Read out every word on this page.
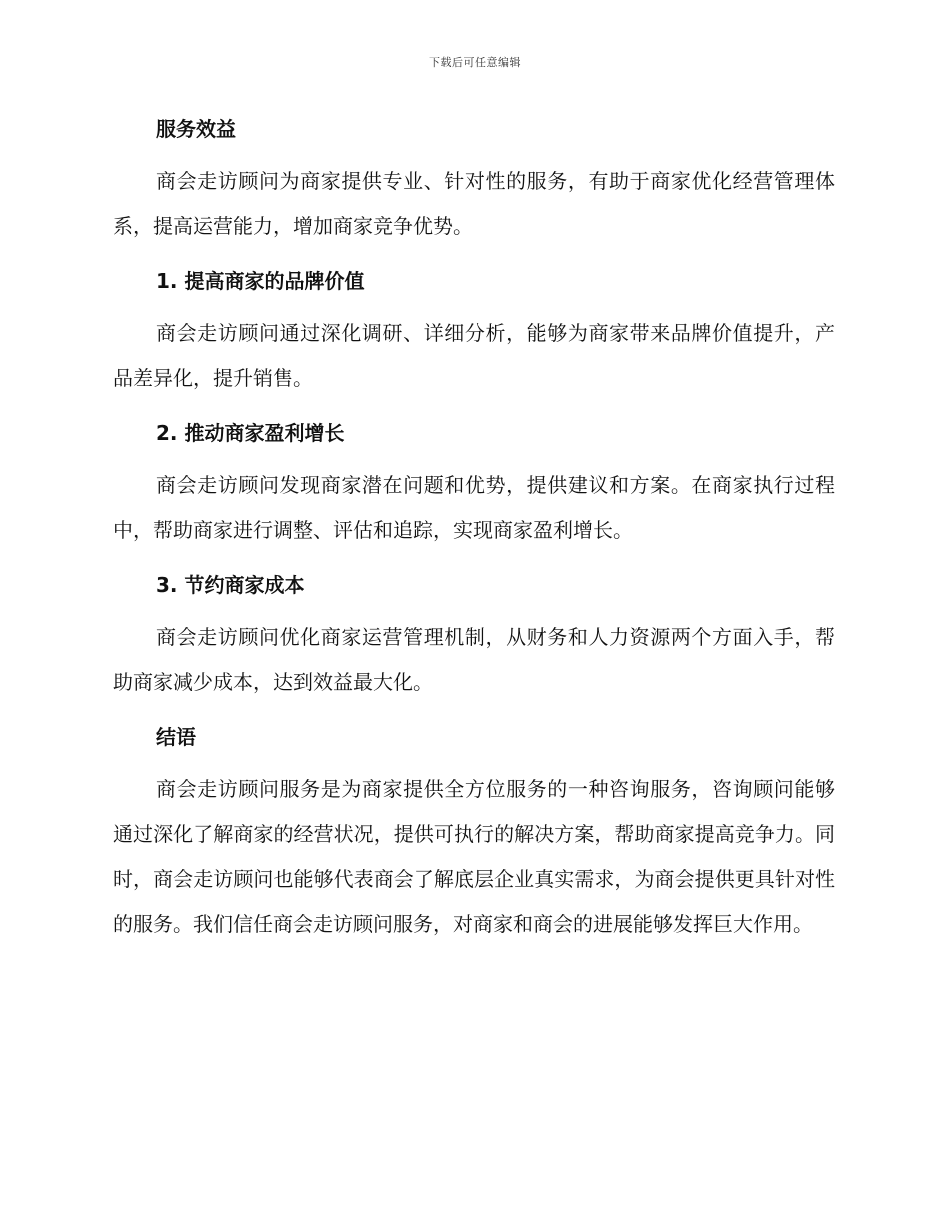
下载后可任意编辑
服务效益

商会走访顾问为商家提供专业、针对性的服务，有助于商家优化经营管理体系，提高运营能力，增加商家竞争优势。

1. 提高商家的品牌价值

商会走访顾问通过深化调研、详细分析，能够为商家带来品牌价值提升，产品差异化，提升销售。

2. 推动商家盈利增长

商会走访顾问发现商家潜在问题和优势，提供建议和方案。在商家执行过程中，帮助商家进行调整、评估和追踪，实现商家盈利增长。

3. 节约商家成本

商会走访顾问优化商家运营管理机制，从财务和人力资源两个方面入手，帮助商家减少成本，达到效益最大化。

结语

商会走访顾问服务是为商家提供全方位服务的一种咨询服务，咨询顾问能够通过深化了解商家的经营状况，提供可执行的解决方案，帮助商家提高竞争力。同时，商会走访顾问也能够代表商会了解底层企业真实需求，为商会提供更具针对性的服务。我们信任商会走访顾问服务，对商家和商会的进展能够发挥巨大作用。
